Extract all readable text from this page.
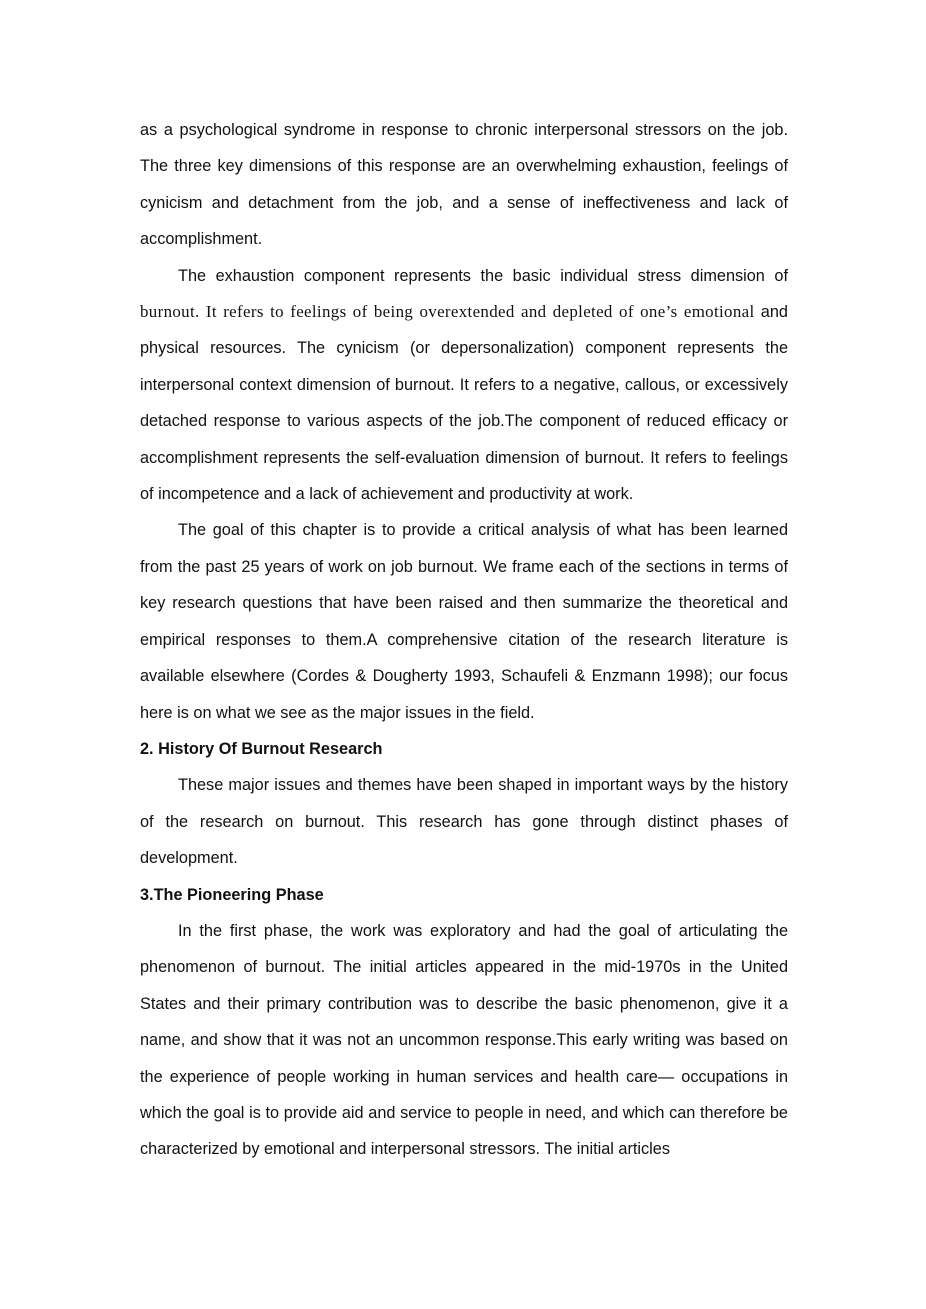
as a psychological syndrome in response to chronic interpersonal stressors on the job. The three key dimensions of this response are an overwhelming exhaustion, feelings of cynicism and detachment from the job, and a sense of ineffectiveness and lack of accomplishment.

The exhaustion component represents the basic individual stress dimension of burnout. It refers to feelings of being overextended and depleted of one’s emotional and physical resources. The cynicism (or depersonalization) component represents the interpersonal context dimension of burnout. It refers to a negative, callous, or excessively detached response to various aspects of the job.The component of reduced efficacy or accomplishment represents the self-evaluation dimension of burnout. It refers to feelings of incompetence and a lack of achievement and productivity at work.

The goal of this chapter is to provide a critical analysis of what has been learned from the past 25 years of work on job burnout. We frame each of the sections in terms of key research questions that have been raised and then summarize the theoretical and empirical responses to them.A comprehensive citation of the research literature is available elsewhere (Cordes & Dougherty 1993, Schaufeli & Enzmann 1998); our focus here is on what we see as the major issues in the field.

2. History Of Burnout Research

These major issues and themes have been shaped in important ways by the history of the research on burnout. This research has gone through distinct phases of development.

3.The Pioneering Phase

In the first phase, the work was exploratory and had the goal of articulating the phenomenon of burnout. The initial articles appeared in the mid-1970s in the United States and their primary contribution was to describe the basic phenomenon, give it a name, and show that it was not an uncommon response.This early writing was based on the experience of people working in human services and health care— occupations in which the goal is to provide aid and service to people in need, and which can therefore be characterized by emotional and interpersonal stressors. The initial articles
